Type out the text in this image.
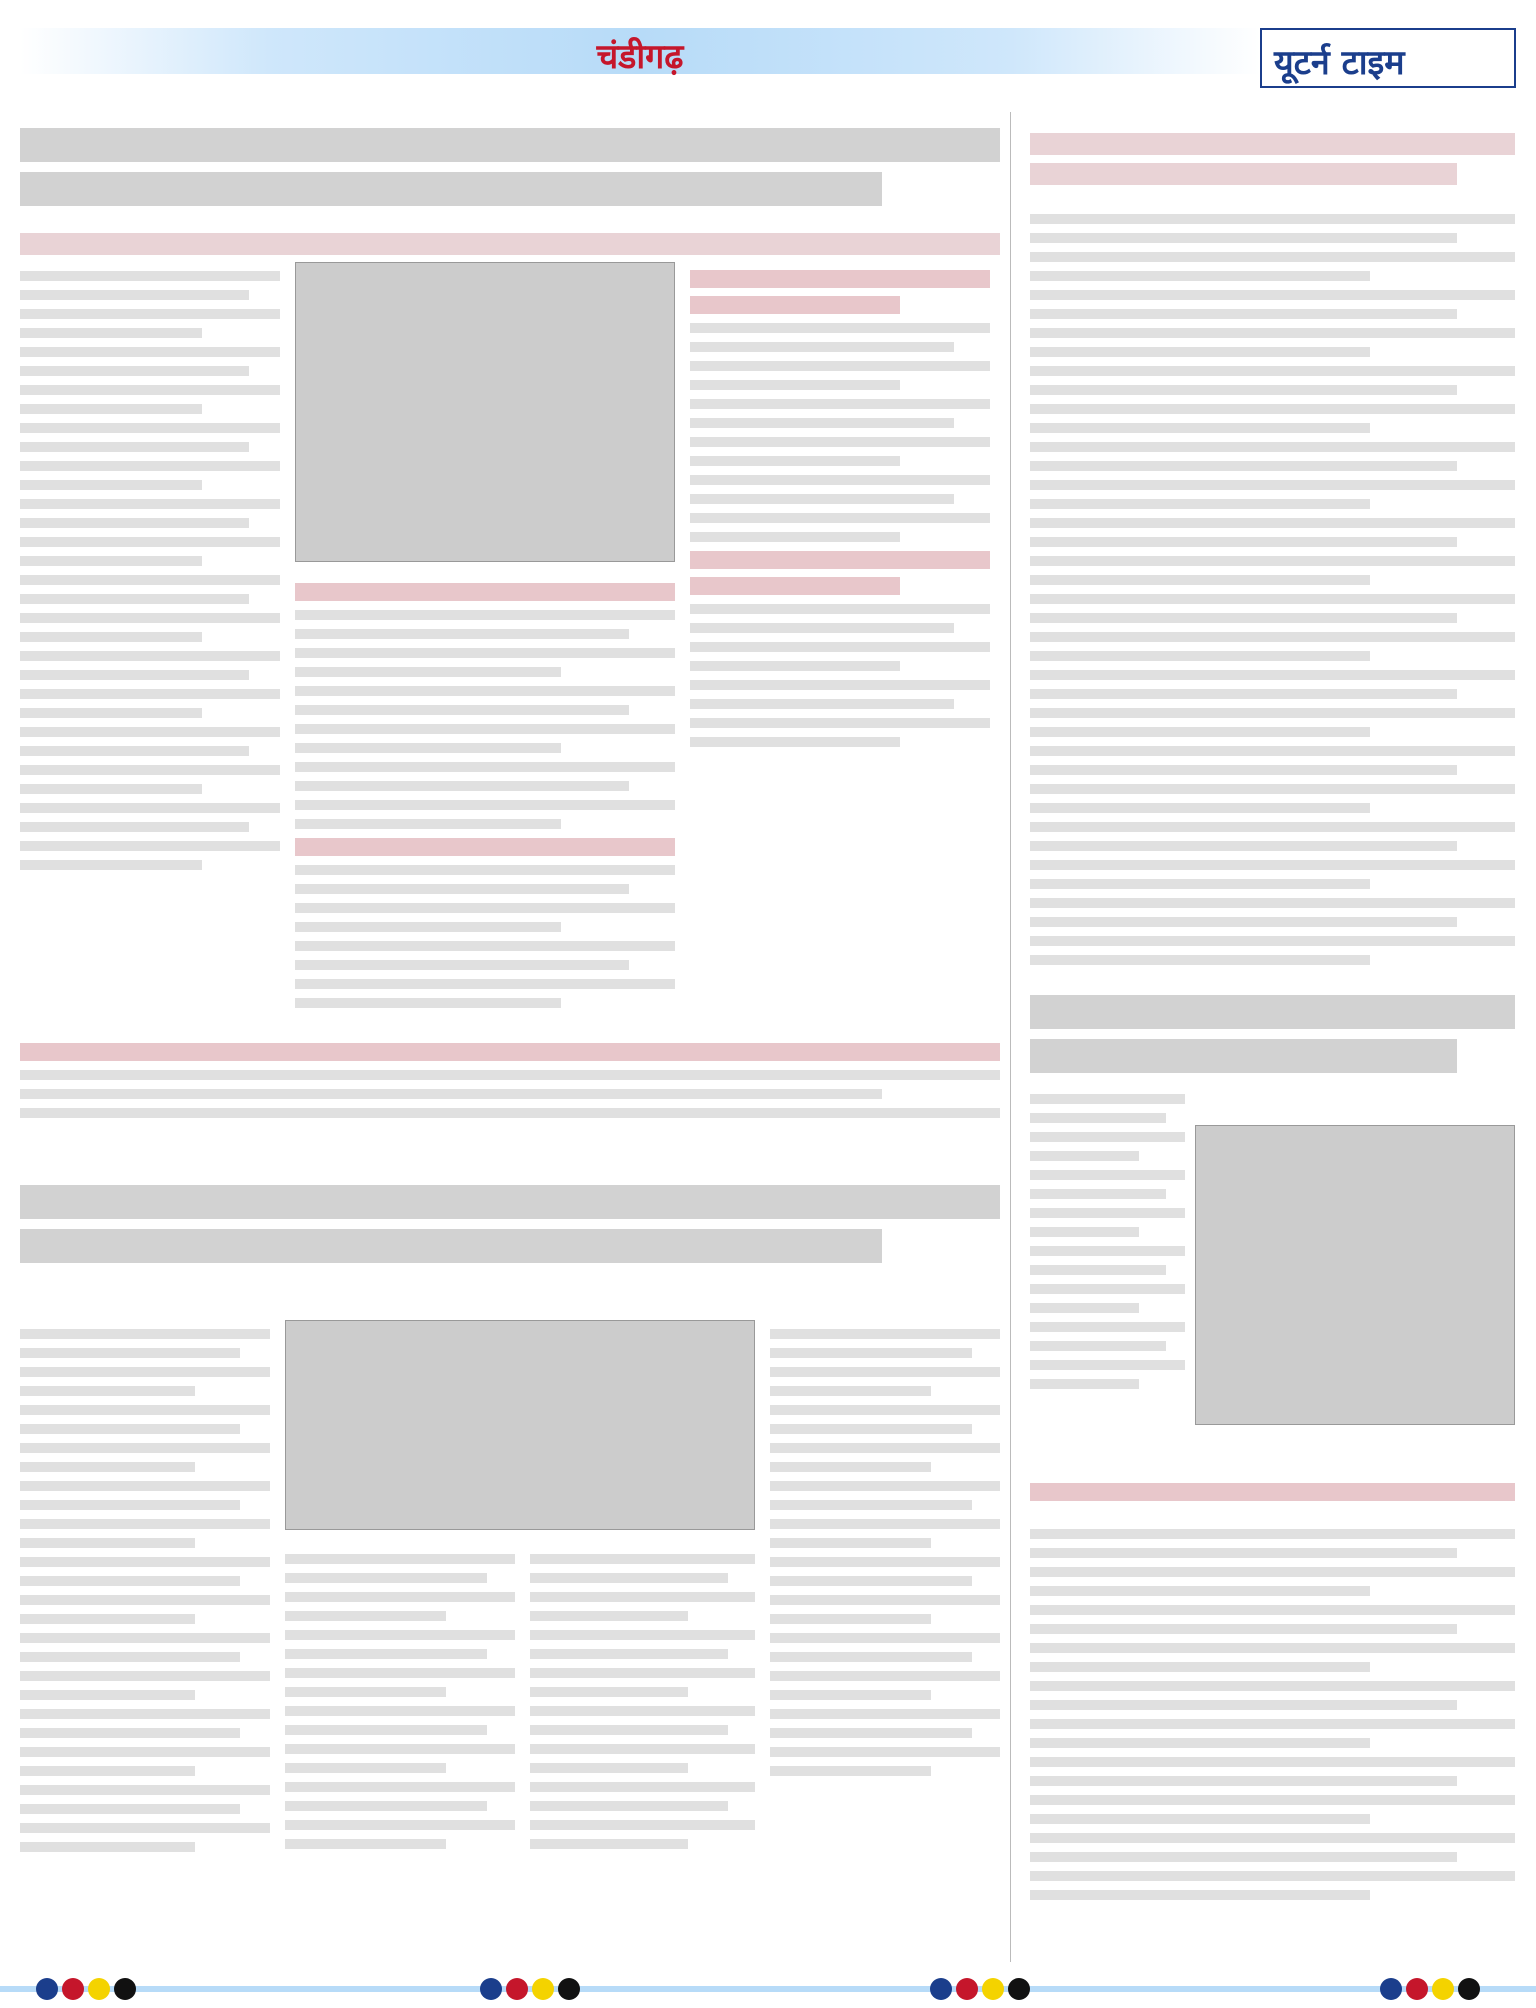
चंडीगढ़	यूटर्न टाइम
